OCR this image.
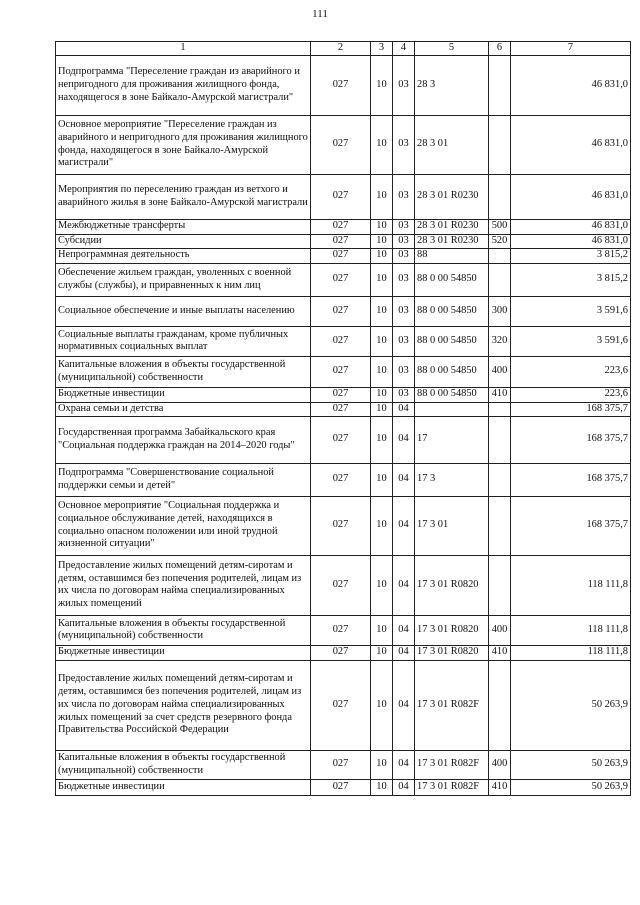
111
1	2	3	4	5	6	7
Подпрограмма "Переселение граждан из аварийного и непригодного для проживания жилищного фонда, находящегося в зоне Байкало-Амурской магистрали"	027	10	03	28 3		46 831,0
Основное мероприятие "Переселение граждан из аварийного и непригодного для проживания жилищного фонда, находящегося в зоне Байкало-Амурской магистрали"	027	10	03	28 3 01		46 831,0
Мероприятия по переселению граждан из ветхого и аварийного жилья в зоне Байкало-Амурской магистрали	027	10	03	28 3 01 R0230		46 831,0
Межбюджетные трансферты	027	10	03	28 3 01 R0230	500	46 831,0
Субсидии	027	10	03	28 3 01 R0230	520	46 831,0
Непрограммная деятельность	027	10	03	88		3 815,2
Обеспечение жильем граждан, уволенных с военной службы (службы), и приравненных к ним лиц	027	10	03	88 0 00 54850		3 815,2
Социальное обеспечение и иные выплаты населению	027	10	03	88 0 00 54850	300	3 591,6
Социальные выплаты гражданам, кроме публичных нормативных социальных выплат	027	10	03	88 0 00 54850	320	3 591,6
Капитальные вложения в объекты государственной (муниципальной) собственности	027	10	03	88 0 00 54850	400	223,6
Бюджетные инвестиции	027	10	03	88 0 00 54850	410	223,6
Охрана семьи и детства	027	10	04			168 375,7
Государственная программа Забайкальского края "Социальная поддержка граждан на 2014–2020 годы"	027	10	04	17		168 375,7
Подпрограмма "Совершенствование социальной поддержки семьи и детей"	027	10	04	17 3		168 375,7
Основное мероприятие "Социальная поддержка и социальное обслуживание детей, находящихся в социально опасном положении или иной трудной жизненной ситуации"	027	10	04	17 3 01		168 375,7
Предоставление жилых помещений детям-сиротам и детям, оставшимся без попечения родителей, лицам из их числа по договорам найма специализированных жилых помещений	027	10	04	17 3 01 R0820		118 111,8
Капитальные вложения в объекты государственной (муниципальной) собственности	027	10	04	17 3 01 R0820	400	118 111,8
Бюджетные инвестиции	027	10	04	17 3 01 R0820	410	118 111,8
Предоставление жилых помещений детям-сиротам и детям, оставшимся без попечения родителей, лицам из их числа по договорам найма специализированных жилых помещений за счет средств резервного фонда Правительства Российской Федерации	027	10	04	17 3 01 R082F		50 263,9
Капитальные вложения в объекты государственной (муниципальной) собственности	027	10	04	17 3 01 R082F	400	50 263,9
Бюджетные инвестиции	027	10	04	17 3 01 R082F	410	50 263,9
